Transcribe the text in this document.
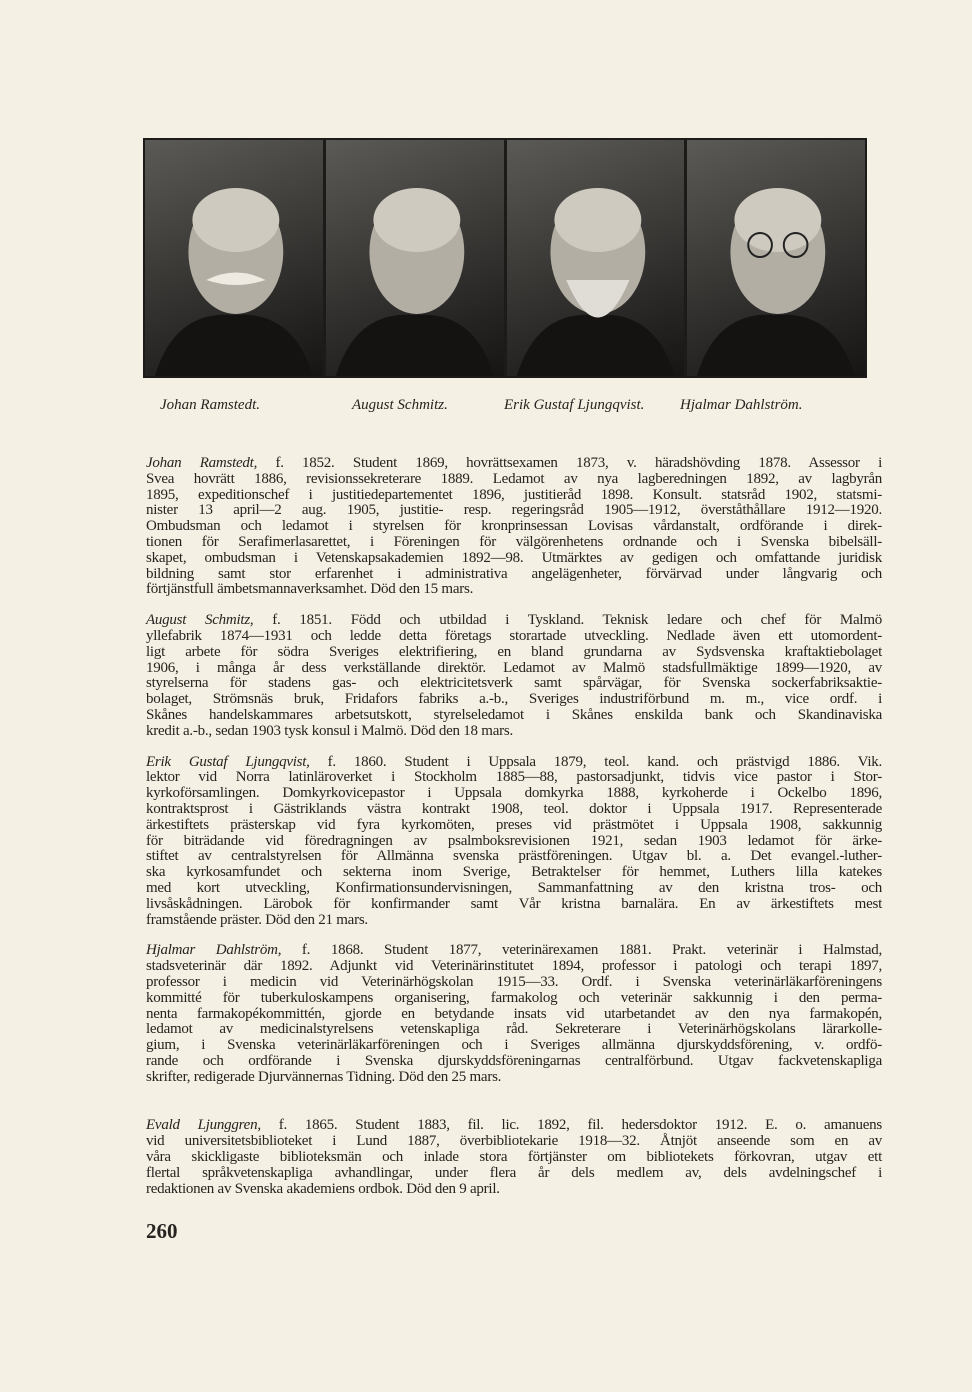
Johan Ramstedt.	August Schmitz.	Erik Gustaf Ljungqvist. Hjalmar Dahlström.
Johan Ramstedt, f. 1852. Student 1869, hovrättsexamen 1873, v. häradshövding 1878. Assessor i
Svea hovrätt 1886, revisionssekreterare 1889. Ledamot av nya lagberedningen 1892, av lagbyrån
1895, expeditionschef i justitiedepartementet 1896, justitieråd 1898. Konsult. statsråd 1902, statsmi-
nister 13 april—2 aug. 1905, justitie- resp. regeringsråd 1905—1912, överståthållare 1912—1920.
Ombudsman och ledamot i styrelsen för kronprinsessan Lovisas vårdanstalt, ordförande i direk-
tionen för Serafimerlasarettet, i Föreningen för välgörenhetens ordnande och i Svenska bibelsäll-
skapet, ombudsman i Vetenskapsakademien 1892—98. Utmärktes av gedigen och omfattande juridisk
bildning samt stor erfarenhet i administrativa angelägenheter, förvärvad under långvarig och
förtjänstfull ämbetsmannaverksamhet. Död den 15 mars.
August Schmitz, f. 1851. Född och utbildad i Tyskland. Teknisk ledare och chef för Malmö
yllefabrik 1874—1931 och ledde detta företags storartade utveckling. Nedlade även ett utomordent-
ligt arbete för södra Sveriges elektrifiering, en bland grundarna av Sydsvenska kraftaktiebolaget
1906, i många år dess verkställande direktör. Ledamot av Malmö stadsfullmäktige 1899—1920, av
styrelserna för stadens gas- och elektricitetsverk samt spårvägar, för Svenska sockerfabriksaktie-
bolaget, Strömsnäs bruk, Fridafors fabriks a.-b., Sveriges industriförbund m. m., vice ordf. i
Skånes handelskammares arbetsutskott, styrelseledamot i Skånes enskilda bank och Skandinaviska
kredit a.-b., sedan 1903 tysk konsul i Malmö. Död den 18 mars.
Erik Gustaf Ljungqvist, f. 1860. Student i Uppsala 1879, teol. kand. och prästvigd 1886. Vik.
lektor vid Norra latinläroverket i Stockholm 1885—88, pastorsadjunkt, tidvis vice pastor i Stor-
kyrkoförsamlingen. Domkyrkovicepastor i Uppsala domkyrka 1888, kyrkoherde i Ockelbo 1896,
kontraktsprost i Gästriklands västra kontrakt 1908, teol. doktor i Uppsala 1917. Representerade
ärkestiftets prästerskap vid fyra kyrkomöten, preses vid prästmötet i Uppsala 1908, sakkunnig
för biträdande vid föredragningen av psalmboksrevisionen 1921, sedan 1903 ledamot för ärke-
stiftet av centralstyrelsen för Allmänna svenska prästföreningen. Utgav bl. a. Det evangel.-luther-
ska kyrkosamfundet och sekterna inom Sverige, Betraktelser för hemmet, Luthers lilla katekes
med kort utveckling, Konfirmationsundervisningen, Sammanfattning av den kristna tros- och
livsåskådningen. Lärobok för konfirmander samt Vår kristna barnalära. En av ärkestiftets mest
framstående präster. Död den 21 mars.
Hjalmar Dahlström, f. 1868. Student 1877, veterinärexamen 1881. Prakt. veterinär i Halmstad,
stadsveterinär där 1892. Adjunkt vid Veterinärinstitutet 1894, professor i patologi och terapi 1897,
professor i medicin vid Veterinärhögskolan 1915—33. Ordf. i Svenska veterinärläkarföreningens
kommitté för tuberkuloskampens organisering, farmakolog och veterinär sakkunnig i den perma-
nenta farmakopékommittén, gjorde en betydande insats vid utarbetandet av den nya farmakopén,
ledamot av medicinalstyrelsens vetenskapliga råd. Sekreterare i Veterinärhögskolans lärarkolle-
gium, i Svenska veterinärläkarföreningen och i Sveriges allmänna djurskyddsförening, v. ordfö-
rande och ordförande i Svenska djurskyddsföreningarnas centralförbund. Utgav fackvetenskapliga
skrifter, redigerade Djurvännernas Tidning. Död den 25 mars.
Evald Ljunggren, f. 1865. Student 1883, fil. lic. 1892, fil. hedersdoktor 1912. E. o. amanuens
vid universitetsbiblioteket i Lund 1887, överbibliotekarie 1918—32. Åtnjöt anseende som en av
våra skickligaste biblioteksmän och inlade stora förtjänster om bibliotekets förkovran, utgav ett
flertal språkvetenskapliga avhandlingar, under flera år dels medlem av, dels avdelningschef i
redaktionen av Svenska akademiens ordbok. Död den 9 april.
260
